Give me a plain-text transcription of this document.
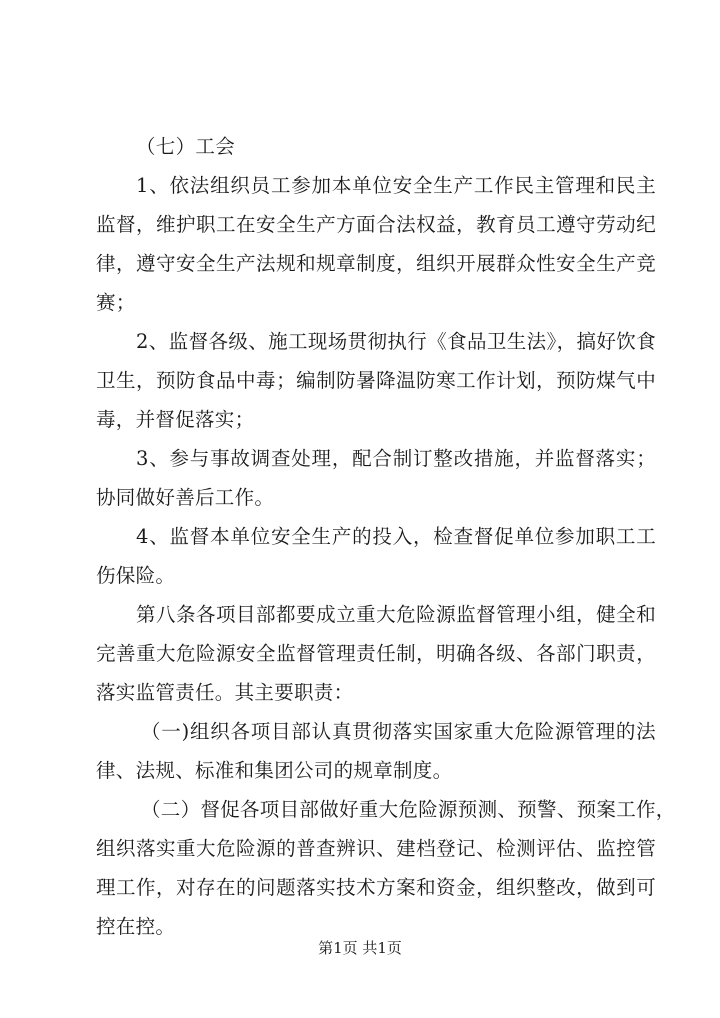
（七）工会
1、依法组织员工参加本单位安全生产工作民主管理和民主
监督，维护职工在安全生产方面合法权益，教育员工遵守劳动纪
律，遵守安全生产法规和规章制度，组织开展群众性安全生产竞
赛；
2、监督各级、施工现场贯彻执行《食品卫生法》，搞好饮食
卫生，预防食品中毒；编制防暑降温防寒工作计划，预防煤气中
毒，并督促落实；
3、参与事故调查处理，配合制订整改措施，并监督落实；
协同做好善后工作。
4、监督本单位安全生产的投入，检查督促单位参加职工工
伤保险。
第八条各项目部都要成立重大危险源监督管理小组，健全和
完善重大危险源安全监督管理责任制，明确各级、各部门职责，
落实监管责任。其主要职责：
（一)组织各项目部认真贯彻落实国家重大危险源管理的法
律、法规、标准和集团公司的规章制度。
（二）督促各项目部做好重大危险源预测、预警、预案工作，
组织落实重大危险源的普查辨识、建档登记、检测评估、监控管
理工作，对存在的问题落实技术方案和资金，组织整改，做到可
控在控。
第1页 共1页
